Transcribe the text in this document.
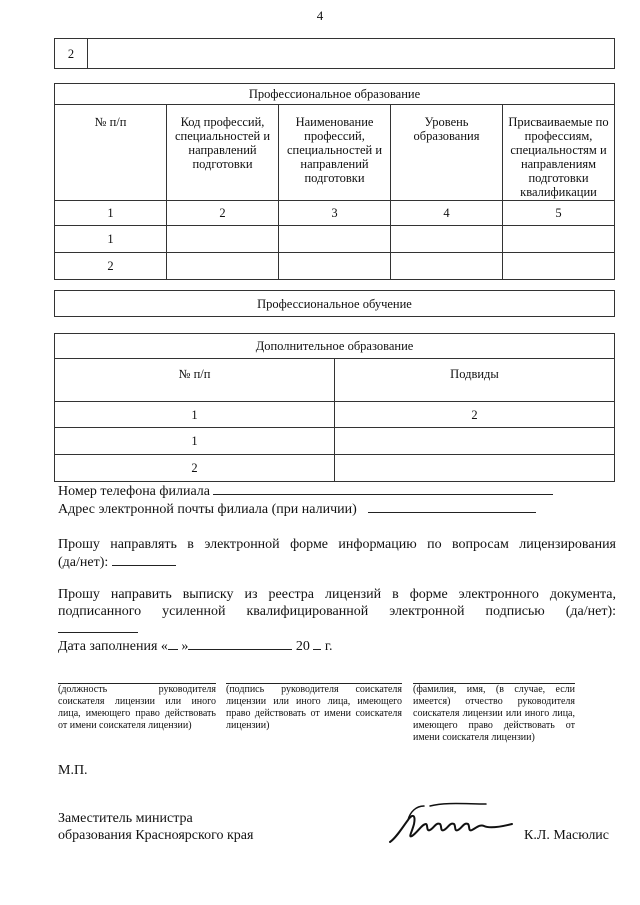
4
2	
Профессиональное образование				
№ п/п	Код профессий, специальностей и направлений подготовки	Наименование профессий, специальностей и направлений подготовки	Уровень образования	Присваиваемые по профессиям, специальностям и направлениям подготовки квалификации
1	2	3	4	5
1				
2				
Профессиональное обучение
Дополнительное образование	
№ п/п	Подвиды
1	2
1	
2	
Номер телефона филиала
Адрес электронной почты филиала (при наличии)
Прошу направлять в электронной форме информацию по вопросам лицензирования
(да/нет):
Прошу направить выписку из реестра лицензий в форме электронного документа,
подписанного усиленной квалифицированной электронной подписью (да/нет):
Дата заполнения « »	20 г.
(должность руководителя соискателя лицензии или иного лица, имеющего право действовать от имени соискателя лицензии)
(подпись руководителя соискателя лицензии или иного лица, имеющего право действовать от имени соискателя лицензии)
(фамилия, имя, (в случае, если имеется) отчество руководителя соискателя лицензии или иного лица, имеющего право действовать от имени соискателя лицензии)
М.П.
Заместитель министра
образования Красноярского края	К.Л. Масюлис
